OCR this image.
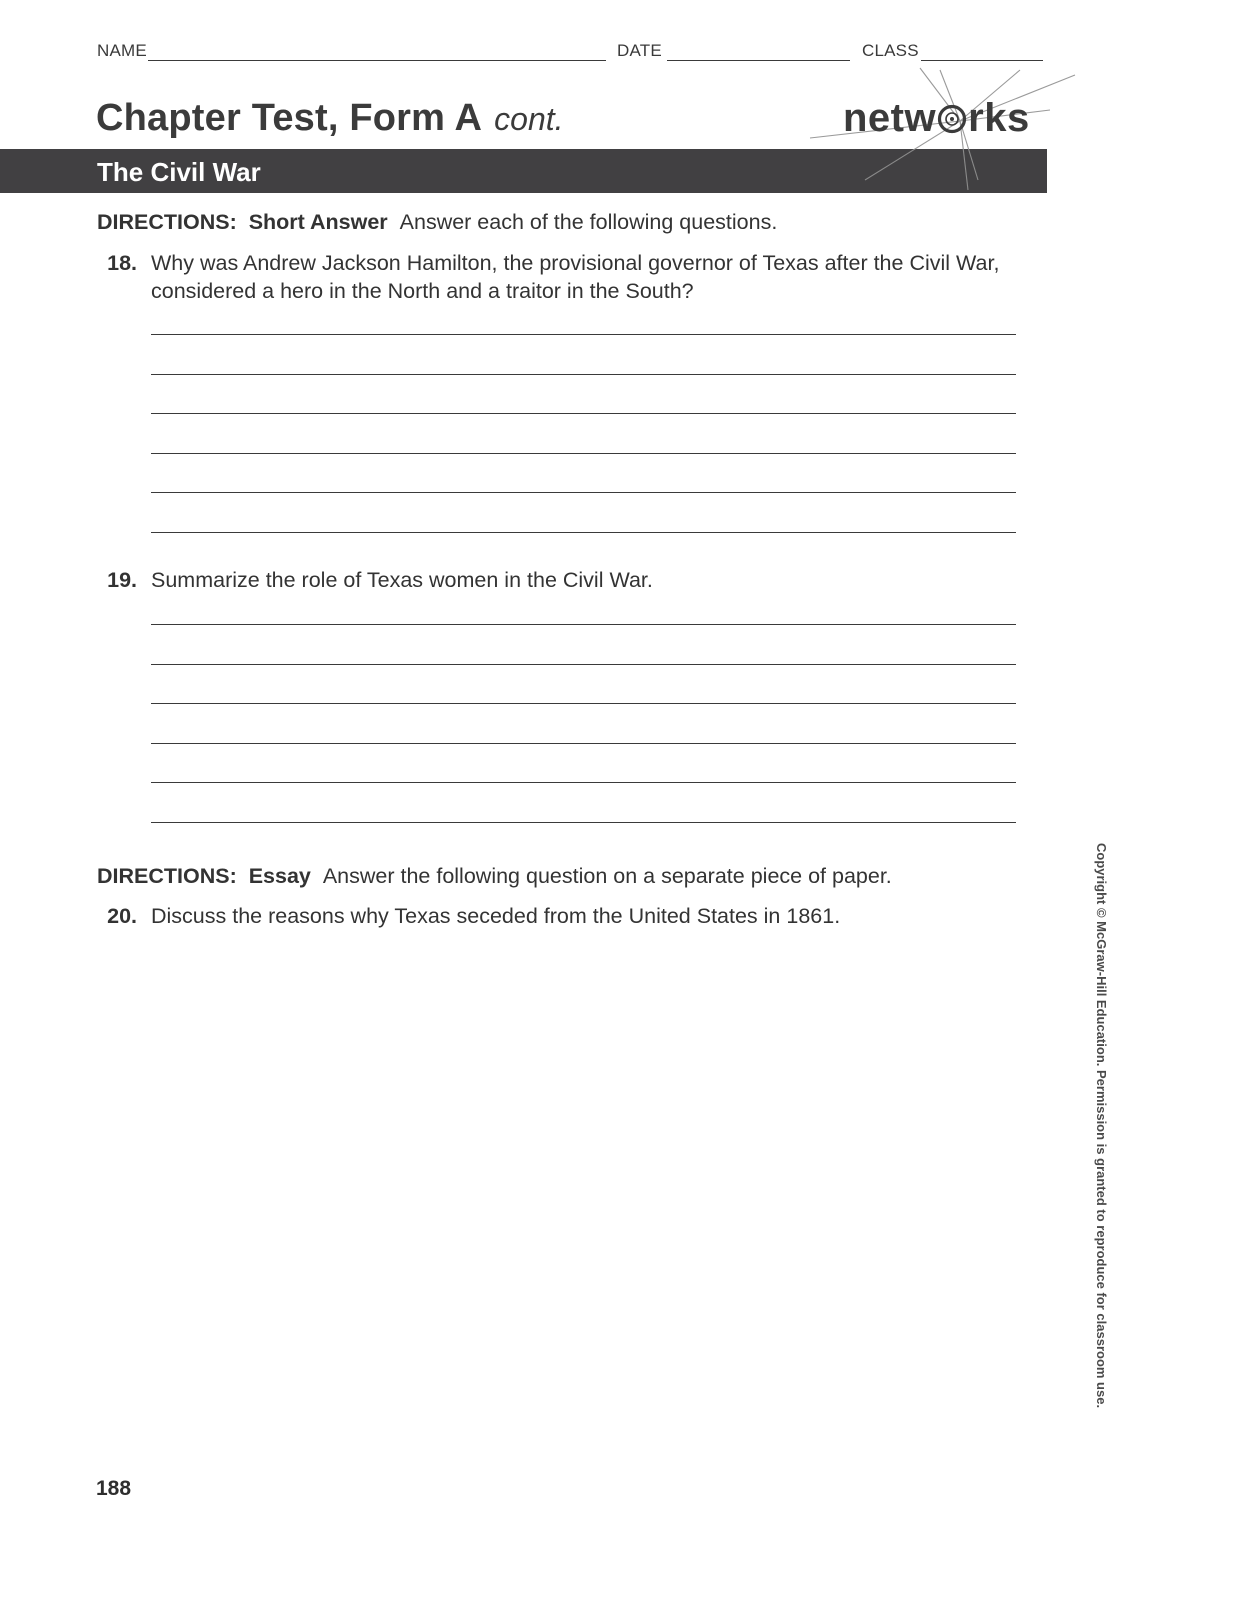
NAME	DATE	CLASS
Chapter Test, Form A cont.	netw rks
The Civil War
DIRECTIONS: Short Answer Answer each of the following questions.
18. Why was Andrew Jackson Hamilton, the provisional governor of Texas after the Civil War,
considered a hero in the North and a traitor in the South?
19. Summarize the role of Texas women in the Civil War.
DIRECTIONS: Essay Answer the following question on a separate piece of paper.
20. Discuss the reasons why Texas seceded from the United States in 1861.	Copyright © McGraw-Hill Education. Permission is granted to reproduce for classroom use.
188
